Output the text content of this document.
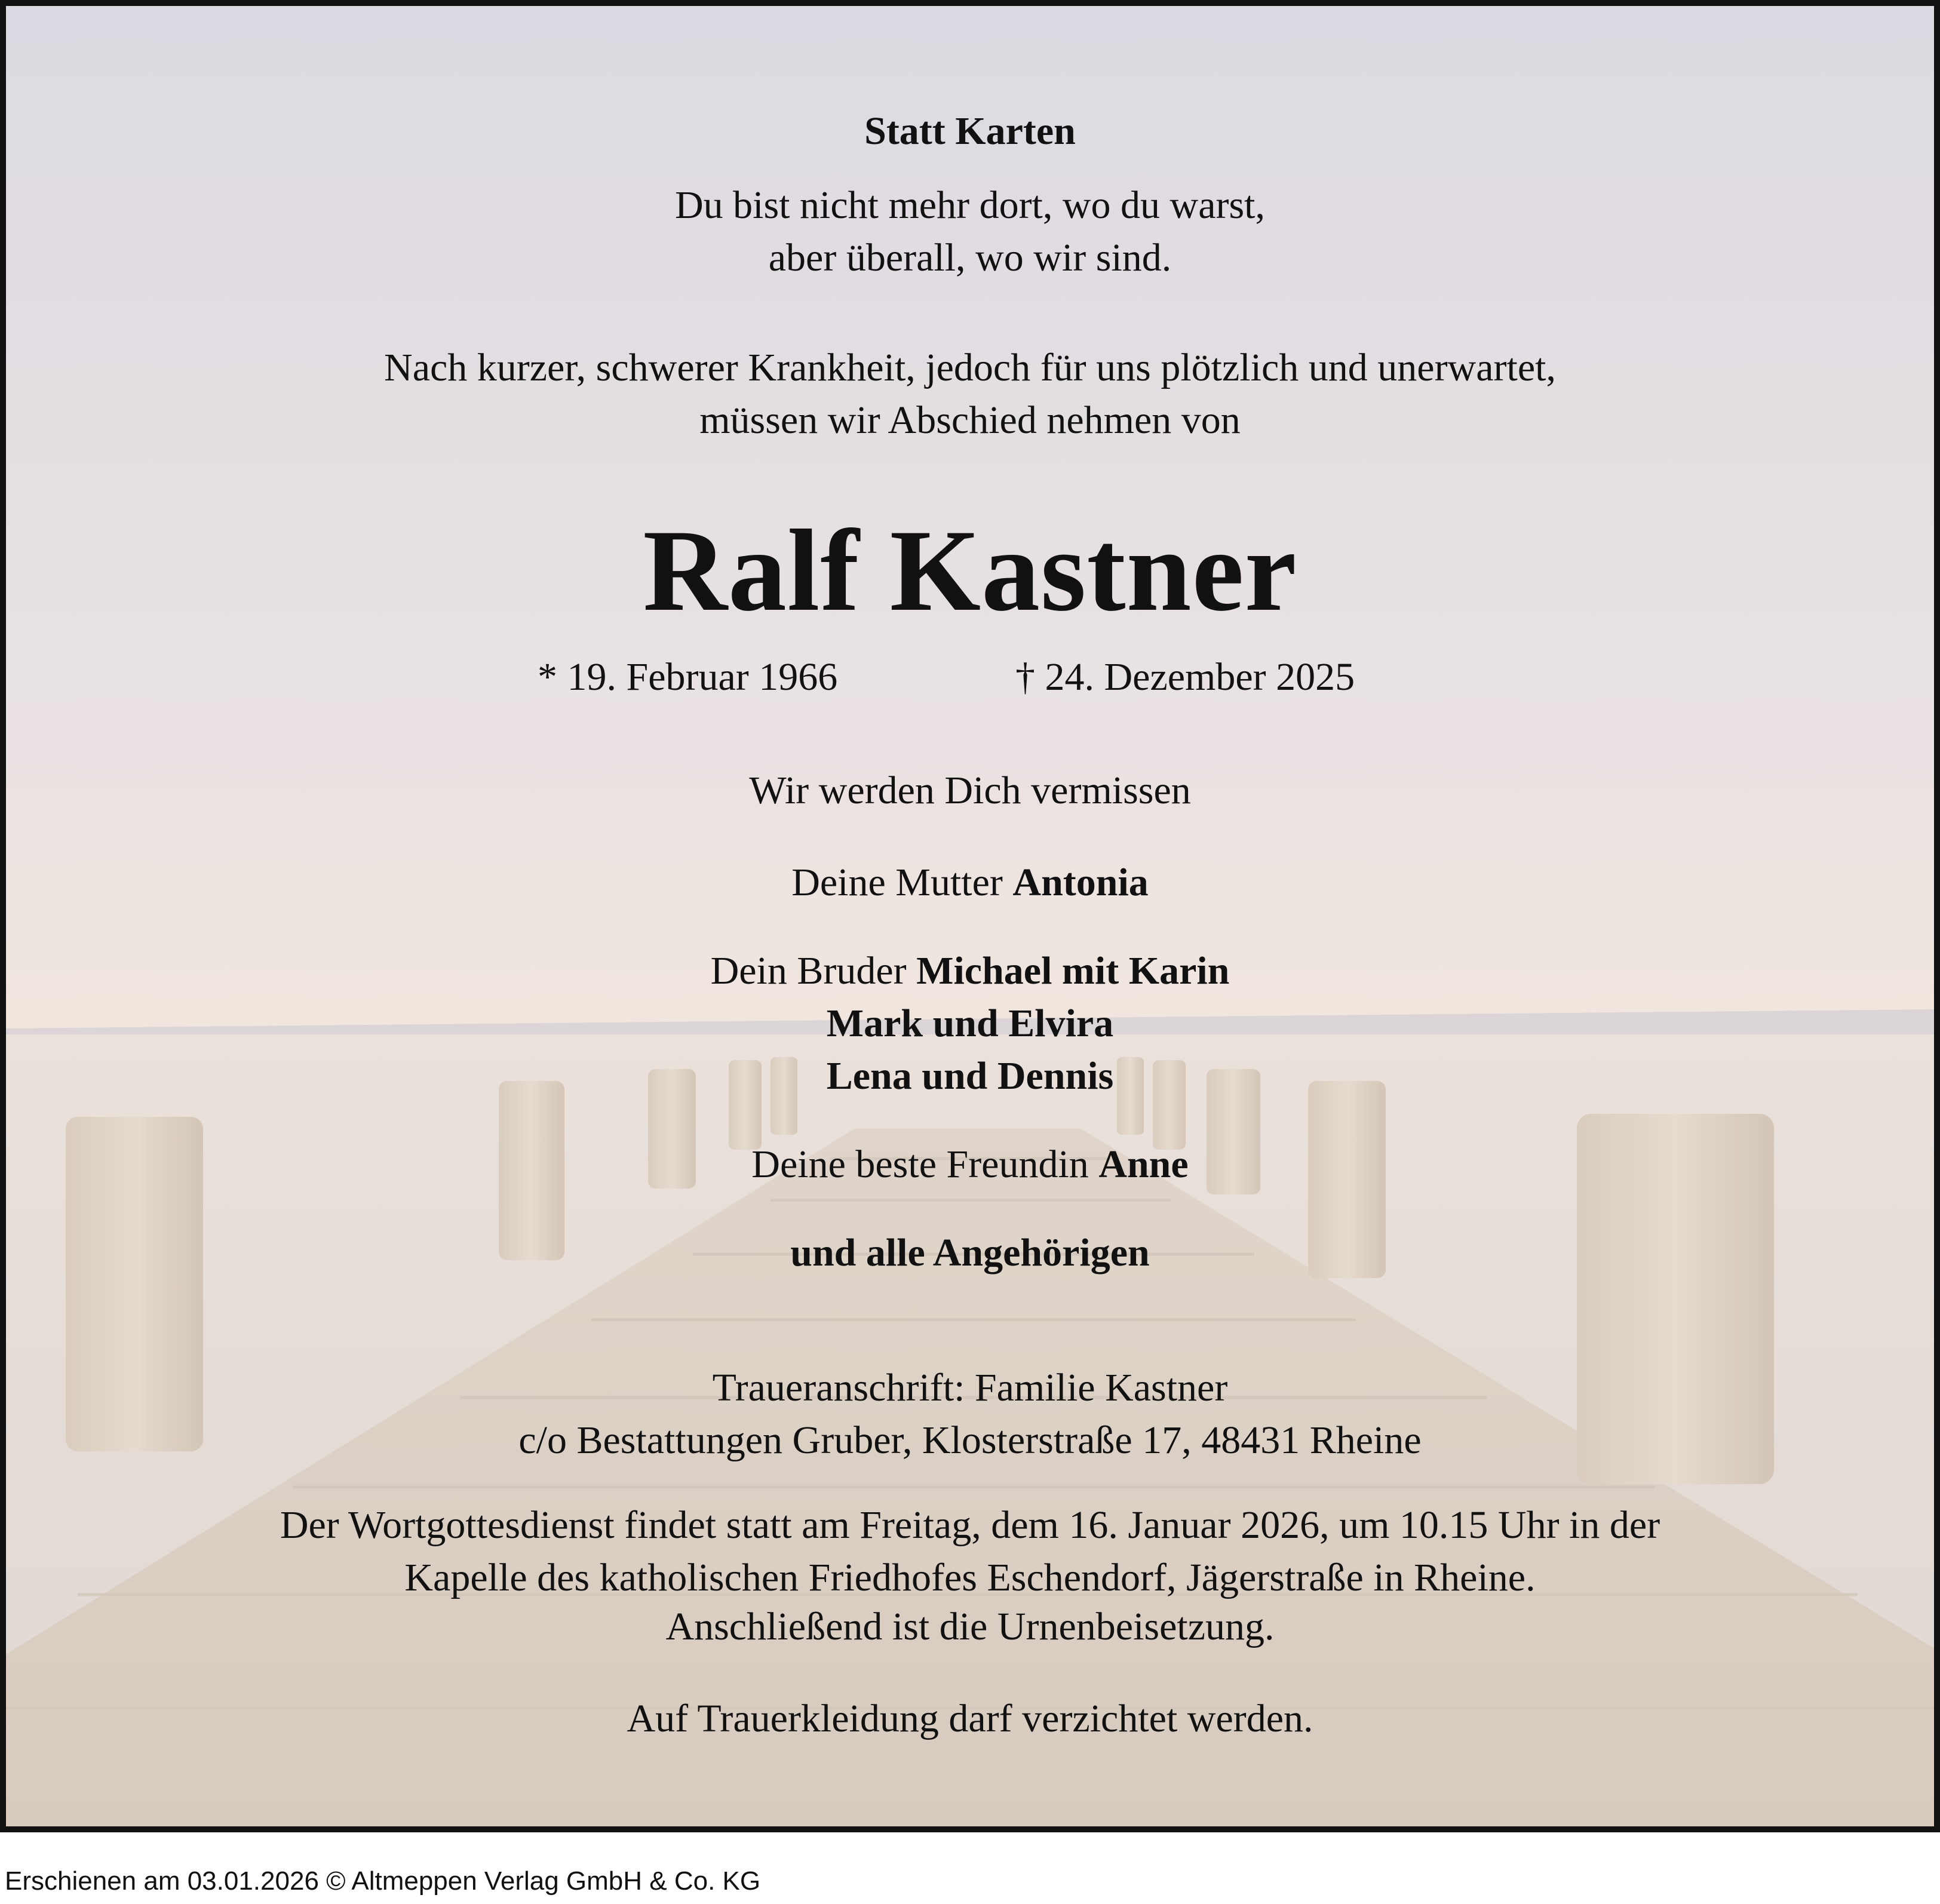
Statt Karten
Du bist nicht mehr dort, wo du warst,
aber überall, wo wir sind.
Nach kurzer, schwerer Krankheit, jedoch für uns plötzlich und unerwartet,
müssen wir Abschied nehmen von
Ralf Kastner
* 19. Februar 1966	† 24. Dezember 2025
Wir werden Dich vermissen
Deine Mutter Antonia
Dein Bruder Michael mit Karin
Mark und Elvira
Lena und Dennis
Deine beste Freundin Anne
und alle Angehörigen
Traueranschrift: Familie Kastner
c/o Bestattungen Gruber, Klosterstraße 17, 48431 Rheine
Der Wortgottesdienst findet statt am Freitag, dem 16. Januar 2026, um 10.15 Uhr in der
Kapelle des katholischen Friedhofes Eschendorf, Jägerstraße in Rheine.
Anschließend ist die Urnenbeisetzung.
Auf Trauerkleidung darf verzichtet werden.
Erschienen am 03.01.2026 © Altmeppen Verlag GmbH & Co. KG
